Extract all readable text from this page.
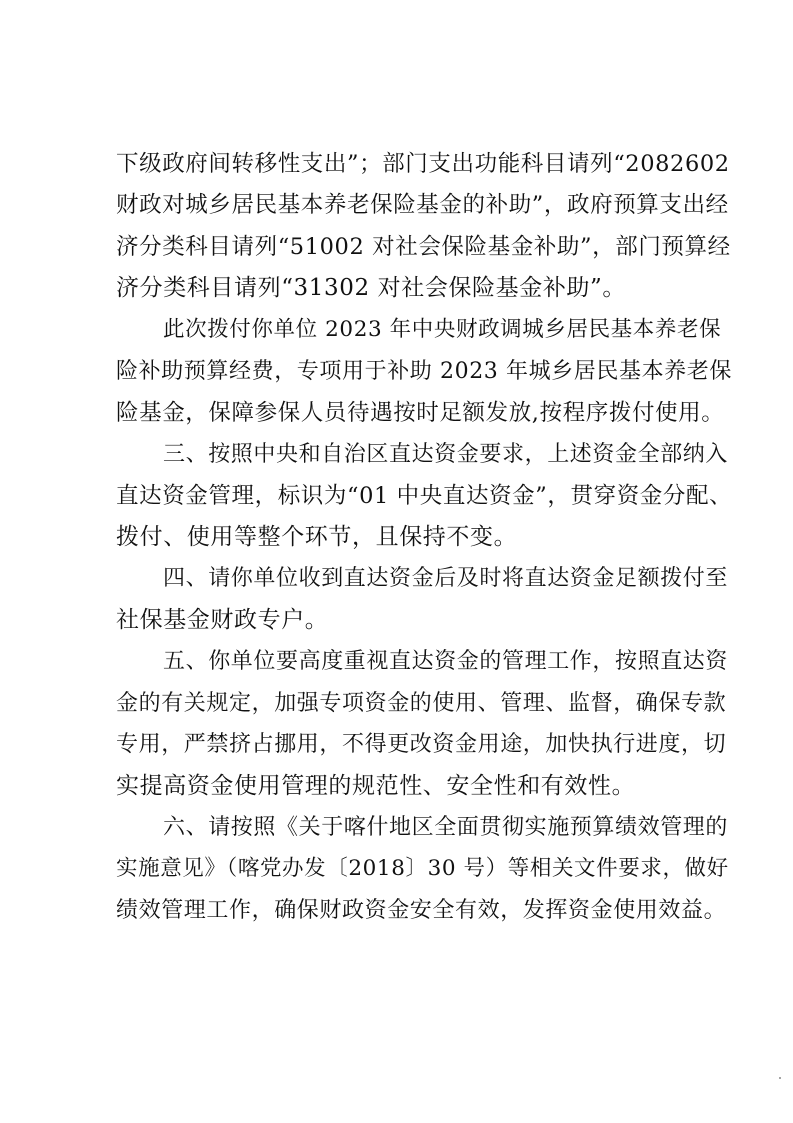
下级政府间转移性支出”；部门支出功能科目请列“2082602
财政对城乡居民基本养老保险基金的补助”，政府预算支出经
济分类科目请列“51002 对社会保险基金补助”，部门预算经
济分类科目请列“31302 对社会保险基金补助”。
此次拨付你单位 2023 年中央财政调城乡居民基本养老保
险补助预算经费，专项用于补助 2023 年城乡居民基本养老保
险基金，保障参保人员待遇按时足额发放,按程序拨付使用。
三、按照中央和自治区直达资金要求，上述资金全部纳入
直达资金管理，标识为“01 中央直达资金”，贯穿资金分配、
拨付、使用等整个环节，且保持不变。
四、请你单位收到直达资金后及时将直达资金足额拨付至
社保基金财政专户。
五、你单位要高度重视直达资金的管理工作，按照直达资
金的有关规定，加强专项资金的使用、管理、监督，确保专款
专用，严禁挤占挪用，不得更改资金用途，加快执行进度，切
实提高资金使用管理的规范性、安全性和有效性。
六、请按照《关于喀什地区全面贯彻实施预算绩效管理的
实施意见》（喀党办发〔2018〕30 号）等相关文件要求，做好
绩效管理工作，确保财政资金安全有效，发挥资金使用效益。
